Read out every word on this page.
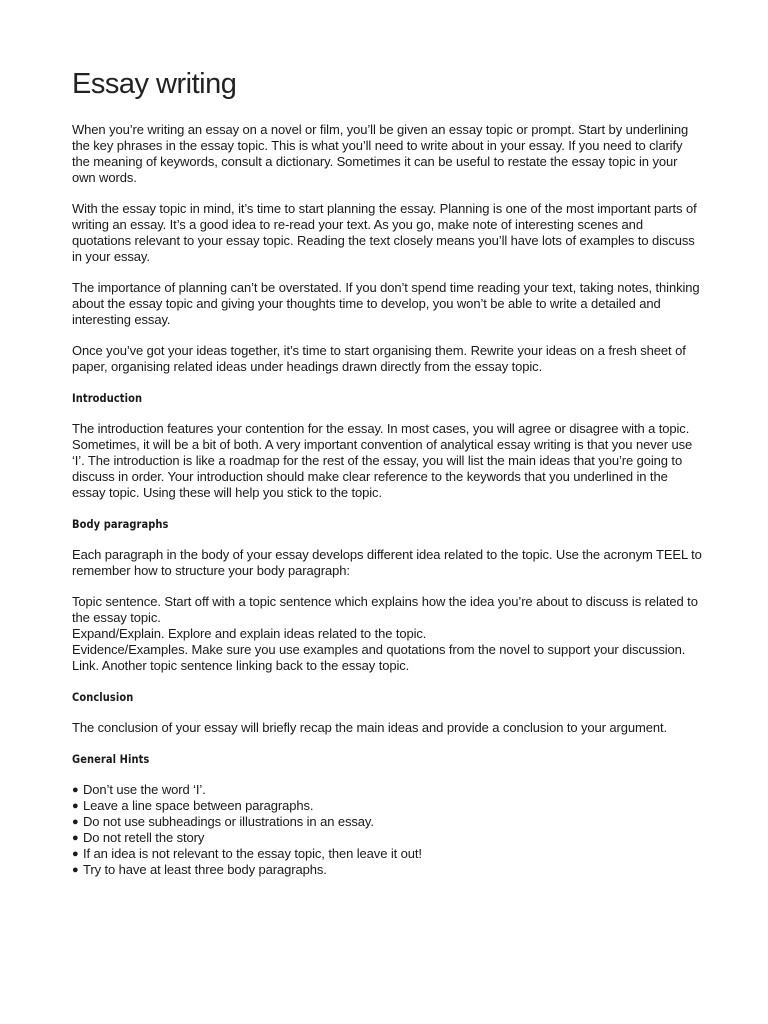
Essay writing

When you’re writing an essay on a novel or film, you’ll be given an essay topic or prompt. Start by underlining the key phrases in the essay topic. This is what you’ll need to write about in your essay. If you need to clarify the meaning of keywords, consult a dictionary. Sometimes it can be useful to restate the essay topic in your own words.

With the essay topic in mind, it’s time to start planning the essay. Planning is one of the most important parts of writing an essay. It’s a good idea to re-read your text. As you go, make note of interesting scenes and quotations relevant to your essay topic. Reading the text closely means you’ll have lots of examples to discuss in your essay.

The importance of planning can’t be overstated. If you don’t spend time reading your text, taking notes, thinking about the essay topic and giving your thoughts time to develop, you won’t be able to write a detailed and interesting essay.

Once you’ve got your ideas together, it’s time to start organising them. Rewrite your ideas on a fresh sheet of paper, organising related ideas under headings drawn directly from the essay topic.

Introduction

The introduction features your contention for the essay. In most cases, you will agree or disagree with a topic. Sometimes, it will be a bit of both. A very important convention of analytical essay writing is that you never use ‘I’. The introduction is like a roadmap for the rest of the essay, you will list the main ideas that you’re going to discuss in order. Your introduction should make clear reference to the keywords that you underlined in the essay topic. Using these will help you stick to the topic.

Body paragraphs

Each paragraph in the body of your essay develops different idea related to the topic. Use the acronym TEEL to remember how to structure your body paragraph:

Topic sentence. Start off with a topic sentence which explains how the idea you’re about to discuss is related to the essay topic.
Expand/Explain. Explore and explain ideas related to the topic.
Evidence/Examples. Make sure you use examples and quotations from the novel to support your discussion.
Link. Another topic sentence linking back to the essay topic.
Conclusion

The conclusion of your essay will briefly recap the main ideas and provide a conclusion to your argument.

General Hints
● Don’t use the word ‘I’.
● Leave a line space between paragraphs.
● Do not use subheadings or illustrations in an essay.
● Do not retell the story
● If an idea is not relevant to the essay topic, then leave it out!
● Try to have at least three body paragraphs.
